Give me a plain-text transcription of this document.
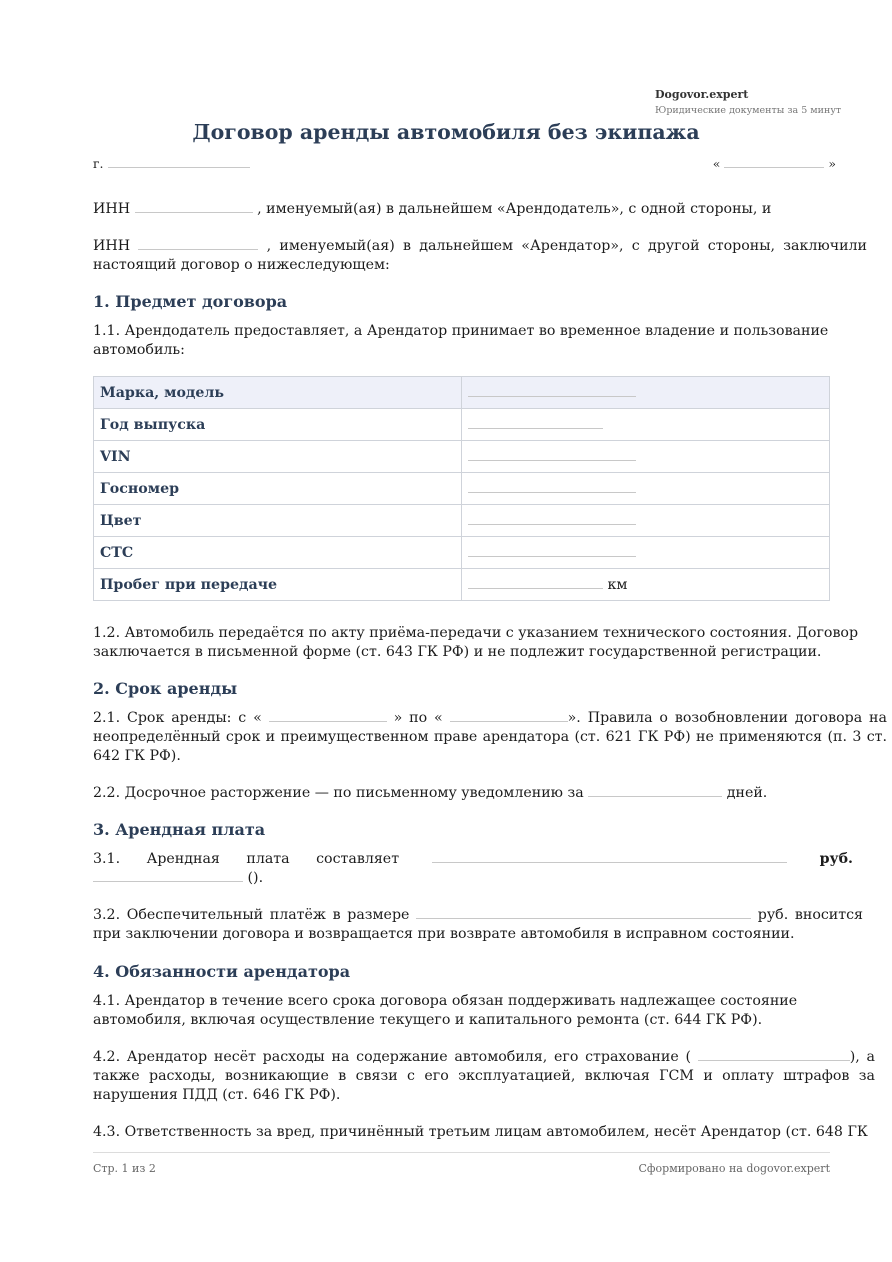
Dogovor.expert
Юридические документы за 5 минут
Договор аренды автомобиля без экипажа
г.	«	»
ИНН	, именуемый(ая) в дальнейшем «Арендодатель», с одной стороны, и
ИНН	, именуемый(ая) в дальнейшем «Арендатор», с другой стороны, заключили настоящий договор о нижеследующем:
1. Предмет договора
1.1. Арендодатель предоставляет, а Арендатор принимает во временное владение и пользование автомобиль:
Марка, модель	
Год выпуска	
VIN	
Госномер	
Цвет	
СТС	
Пробег при передаче	км
1.2. Автомобиль передаётся по акту приёма-передачи с указанием технического состояния. Договор заключается в письменной форме (ст. 643 ГК РФ) и не подлежит государственной регистрации.
2. Срок аренды
2.1. Срок аренды: с «	» по «	». Правила о возобновлении договора на неопределённый срок и преимущественном праве арендатора (ст. 621 ГК РФ) не применяются (п. 3 ст. 642 ГК РФ).
2.2. Досрочное расторжение — по письменному уведомлению за	дней.
3. Арендная плата
3.1. Арендная плата составляет	руб.
().
3.2. Обеспечительный платёж в размере	руб. вносится при заключении договора и возвращается при возврате автомобиля в исправном состоянии.
4. Обязанности арендатора
4.1. Арендатор в течение всего срока договора обязан поддерживать надлежащее состояние автомобиля, включая осуществление текущего и капитального ремонта (ст. 644 ГК РФ).
4.2. Арендатор несёт расходы на содержание автомобиля, его страхование (	), а также расходы, возникающие в связи с его эксплуатацией, включая ГСМ и оплату штрафов за нарушения ПДД (ст. 646 ГК РФ).
4.3. Ответственность за вред, причинённый третьим лицам автомобилем, несёт Арендатор (ст. 648 ГК
Стр. 1 из 2	Сформировано на dogovor.expert
